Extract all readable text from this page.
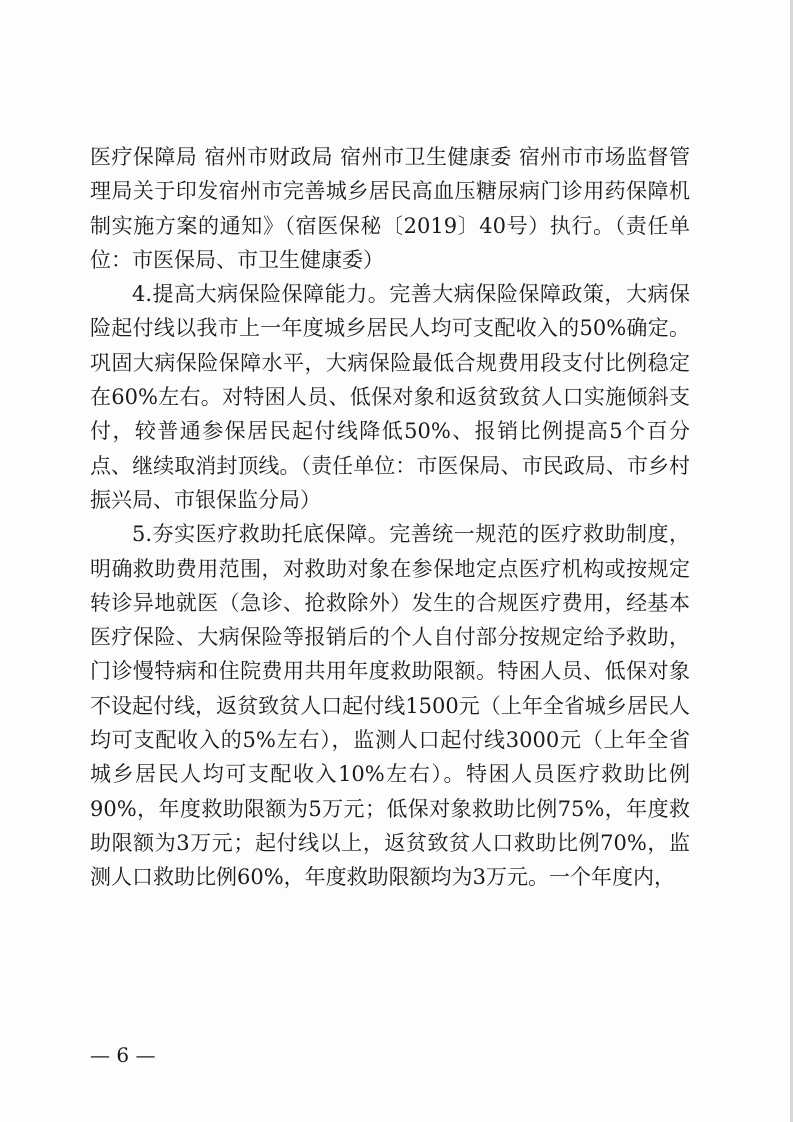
医疗保障局 宿州市财政局 宿州市卫生健康委 宿州市市场监督管理局关于印发宿州市完善城乡居民高血压糖尿病门诊用药保障机制实施方案的通知》（宿医保秘〔2019〕40号）执行。（责任单位：市医保局、市卫生健康委）

4.提高大病保险保障能力。完善大病保险保障政策，大病保险起付线以我市上一年度城乡居民人均可支配收入的50%确定。巩固大病保险保障水平，大病保险最低合规费用段支付比例稳定在60%左右。对特困人员、低保对象和返贫致贫人口实施倾斜支付，较普通参保居民起付线降低50%、报销比例提高5个百分点、继续取消封顶线。（责任单位：市医保局、市民政局、市乡村振兴局、市银保监分局）

5.夯实医疗救助托底保障。完善统一规范的医疗救助制度，明确救助费用范围，对救助对象在参保地定点医疗机构或按规定转诊异地就医（急诊、抢救除外）发生的合规医疗费用，经基本医疗保险、大病保险等报销后的个人自付部分按规定给予救助，门诊慢特病和住院费用共用年度救助限额。特困人员、低保对象不设起付线，返贫致贫人口起付线1500元（上年全省城乡居民人均可支配收入的5%左右），监测人口起付线3000元（上年全省城乡居民人均可支配收入10%左右）。特困人员医疗救助比例90%，年度救助限额为5万元；低保对象救助比例75%，年度救助限额为3万元；起付线以上，返贫致贫人口救助比例70%，监测人口救助比例60%，年度救助限额均为3万元。一个年度内，

— 6 —
